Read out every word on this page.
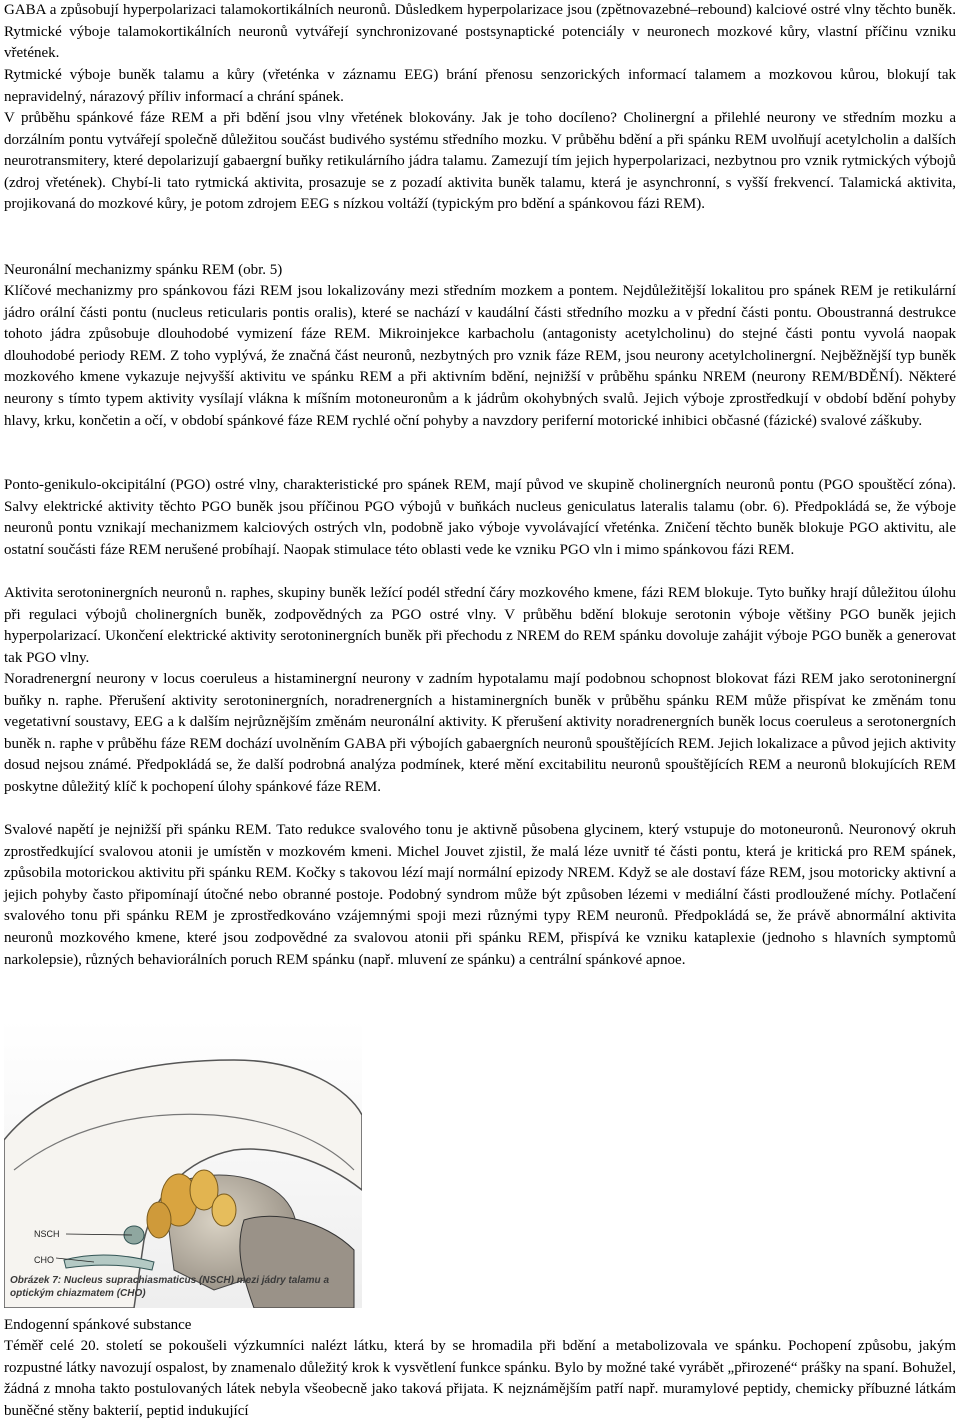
GABA a způsobují hyperpolarizaci talamokortikálních neuronů. Důsledkem hyperpolarizace jsou (zpětnovazebné–rebound) kalciové ostré vlny těchto buněk. Rytmické výboje talamokortikálních neuronů vytvářejí synchronizované postsynaptické potenciály v neuronech mozkové kůry, vlastní příčinu vzniku vřetének.

Rytmické výboje buněk talamu a kůry (vřeténka v záznamu EEG) brání přenosu senzorických informací talamem a mozkovou kůrou, blokují tak nepravidelný, nárazový příliv informací a chrání spánek.

V průběhu spánkové fáze REM a při bdění jsou vlny vřetének blokovány. Jak je toho docíleno? Cholinergní a přilehlé neurony ve středním mozku a dorzálním pontu vytvářejí společně důležitou součást budivého systému středního mozku. V průběhu bdění a při spánku REM uvolňují acetylcholin a dalších neurotransmitery, které depolarizují gabaergní buňky retikulárního jádra talamu. Zamezují tím jejich hyperpolarizaci, nezbytnou pro vznik rytmických výbojů (zdroj vřetének). Chybí-li tato rytmická aktivita, prosazuje se z pozadí aktivita buněk talamu, která je asynchronní, s vyšší frekvencí. Talamická aktivita, projikovaná do mozkové kůry, je potom zdrojem EEG s nízkou voltáží (typickým pro bdění a spánkovou fázi REM).

Neuronální mechanizmy spánku REM (obr. 5)

Klíčové mechanizmy pro spánkovou fázi REM jsou lokalizovány mezi středním mozkem a pontem. Nejdůležitější lokalitou pro spánek REM je retikulární jádro orální části pontu (nucleus reticularis pontis oralis), které se nachází v kaudální části středního mozku a v přední části pontu. Oboustranná destrukce tohoto jádra způsobuje dlouhodobé vymizení fáze REM. Mikroinjekce karbacholu (antagonisty acetylcholinu) do stejné části pontu vyvolá naopak dlouhodobé periody REM. Z toho vyplývá, že značná část neuronů, nezbytných pro vznik fáze REM, jsou neurony acetylcholinergní. Nejběžnější typ buněk mozkového kmene vykazuje nejvyšší aktivitu ve spánku REM a při aktivním bdění, nejnižší v průběhu spánku NREM (neurony REM/BDĚNÍ). Některé neurony s tímto typem aktivity vysílají vlákna k míšním motoneuronům a k jádrům okohybných svalů. Jejich výboje zprostředkují v období bdění pohyby hlavy, krku, končetin a očí, v období spánkové fáze REM rychlé oční pohyby a navzdory periferní motorické inhibici občasné (fázické) svalové záškuby.

Ponto-genikulo-okcipitální (PGO) ostré vlny, charakteristické pro spánek REM, mají původ ve skupině cholinergních neuronů pontu (PGO spouštěcí zóna). Salvy elektrické aktivity těchto PGO buněk jsou příčinou PGO výbojů v buňkách nucleus geniculatus lateralis talamu (obr. 6). Předpokládá se, že výboje neuronů pontu vznikají mechanizmem kalciových ostrých vln, podobně jako výboje vyvolávající vřeténka. Zničení těchto buněk blokuje PGO aktivitu, ale ostatní součásti fáze REM nerušené probíhají. Naopak stimulace této oblasti vede ke vzniku PGO vln i mimo spánkovou fázi REM.

Aktivita serotoninergních neuronů n. raphes, skupiny buněk ležící podél střední čáry mozkového kmene, fázi REM blokuje. Tyto buňky hrají důležitou úlohu při regulaci výbojů cholinergních buněk, zodpovědných za PGO ostré vlny. V průběhu bdění blokuje serotonin výboje většiny PGO buněk jejich hyperpolarizací. Ukončení elektrické aktivity serotoninergních buněk při přechodu z NREM do REM spánku dovoluje zahájit výboje PGO buněk a generovat tak PGO vlny.

Noradrenergní neurony v locus coeruleus a histaminergní neurony v zadním hypotalamu mají podobnou schopnost blokovat fázi REM jako serotoninergní buňky n. raphe. Přerušení aktivity serotoninergních, noradrenergních a histaminergních buněk v průběhu spánku REM může přispívat ke změnám tonu vegetativní soustavy, EEG a k dalším nejrůznějším změnám neuronální aktivity. K přerušení aktivity noradrenergních buněk locus coeruleus a serotonergních buněk n. raphe v průběhu fáze REM dochází uvolněním GABA při výbojích gabaergních neuronů spouštějících REM. Jejich lokalizace a původ jejich aktivity dosud nejsou známé. Předpokládá se, že další podrobná analýza podmínek, které mění excitabilitu neuronů spouštějících REM a neuronů blokujících REM poskytne důležitý klíč k pochopení úlohy spánkové fáze REM.

Svalové napětí je nejnižší při spánku REM. Tato redukce svalového tonu je aktivně působena glycinem, který vstupuje do motoneuronů. Neuronový okruh zprostředkující svalovou atonii je umístěn v mozkovém kmeni. Michel Jouvet zjistil, že malá léze uvnitř té části pontu, která je kritická pro REM spánek, způsobila motorickou aktivitu při spánku REM. Kočky s takovou lézí mají normální epizody NREM. Když se ale dostaví fáze REM, jsou motoricky aktivní a jejich pohyby často připomínají útočné nebo obranné postoje. Podobný syndrom může být způsoben lézemi v mediální části prodloužené míchy. Potlačení svalového tonu při spánku REM je zprostředkováno vzájemnými spoji mezi různými typy REM neuronů. Předpokládá se, že právě abnormální aktivita neuronů mozkového kmene, které jsou zodpovědné za svalovou atonii při spánku REM, přispívá ke vzniku kataplexie (jednoho s hlavních symptomů narkolepsie), různých behaviorálních poruch REM spánku (např. mluvení ze spánku) a centrální spánkové apnoe.

NSCH
CHO
Obrázek 7: Nucleus suprachiasmaticus (NSCH) mezi jádry talamu a optickým chiazmatem (CHO)

Endogenní spánkové substance

Téměř celé 20. století se pokoušeli výzkumníci nalézt látku, která by se hromadila při bdění a metabolizovala ve spánku. Pochopení způsobu, jakým rozpustné látky navozují ospalost, by znamenalo důležitý krok k vysvětlení funkce spánku. Bylo by možné také vyrábět „přirozené“ prášky na spaní. Bohužel, žádná z mnoha takto postulovaných látek nebyla všeobecně jako taková přijata. K nejznámějším patří např. muramylové peptidy, chemicky příbuzné látkám buněčné stěny bakterií, peptid indukující
